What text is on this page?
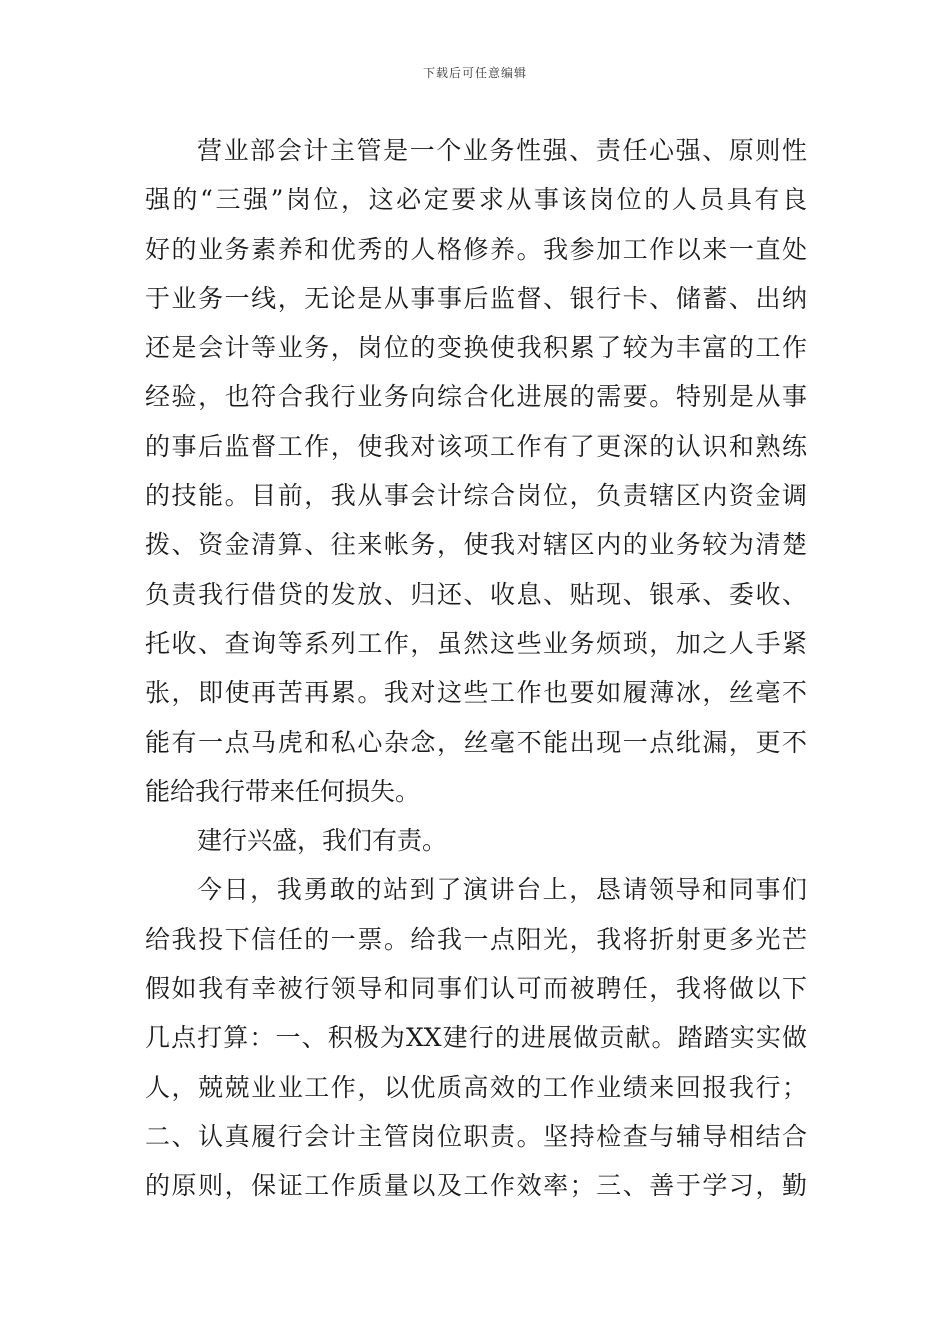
下载后可任意编辑
营业部会计主管是一个业务性强、责任心强、原则性
强的“三强”岗位，这必定要求从事该岗位的人员具有良
好的业务素养和优秀的人格修养。我参加工作以来一直处
于业务一线，无论是从事事后监督、银行卡、储蓄、出纳
还是会计等业务，岗位的变换使我积累了较为丰富的工作
经验，也符合我行业务向综合化进展的需要。特别是从事
的事后监督工作，使我对该项工作有了更深的认识和熟练
的技能。目前，我从事会计综合岗位，负责辖区内资金调
拨、资金清算、往来帐务，使我对辖区内的业务较为清楚
负责我行借贷的发放、归还、收息、贴现、银承、委收、
托收、查询等系列工作，虽然这些业务烦琐，加之人手紧
张，即使再苦再累。我对这些工作也要如履薄冰，丝毫不
能有一点马虎和私心杂念，丝毫不能出现一点纰漏，更不
能给我行带来任何损失。
建行兴盛，我们有责。
今日，我勇敢的站到了演讲台上，恳请领导和同事们
给我投下信任的一票。给我一点阳光，我将折射更多光芒
假如我有幸被行领导和同事们认可而被聘任，我将做以下
几点打算：一、积极为XX建行的进展做贡献。踏踏实实做
人，兢兢业业工作，以优质高效的工作业绩来回报我行；
二、认真履行会计主管岗位职责。坚持检查与辅导相结合
的原则，保证工作质量以及工作效率；三、善于学习，勤
